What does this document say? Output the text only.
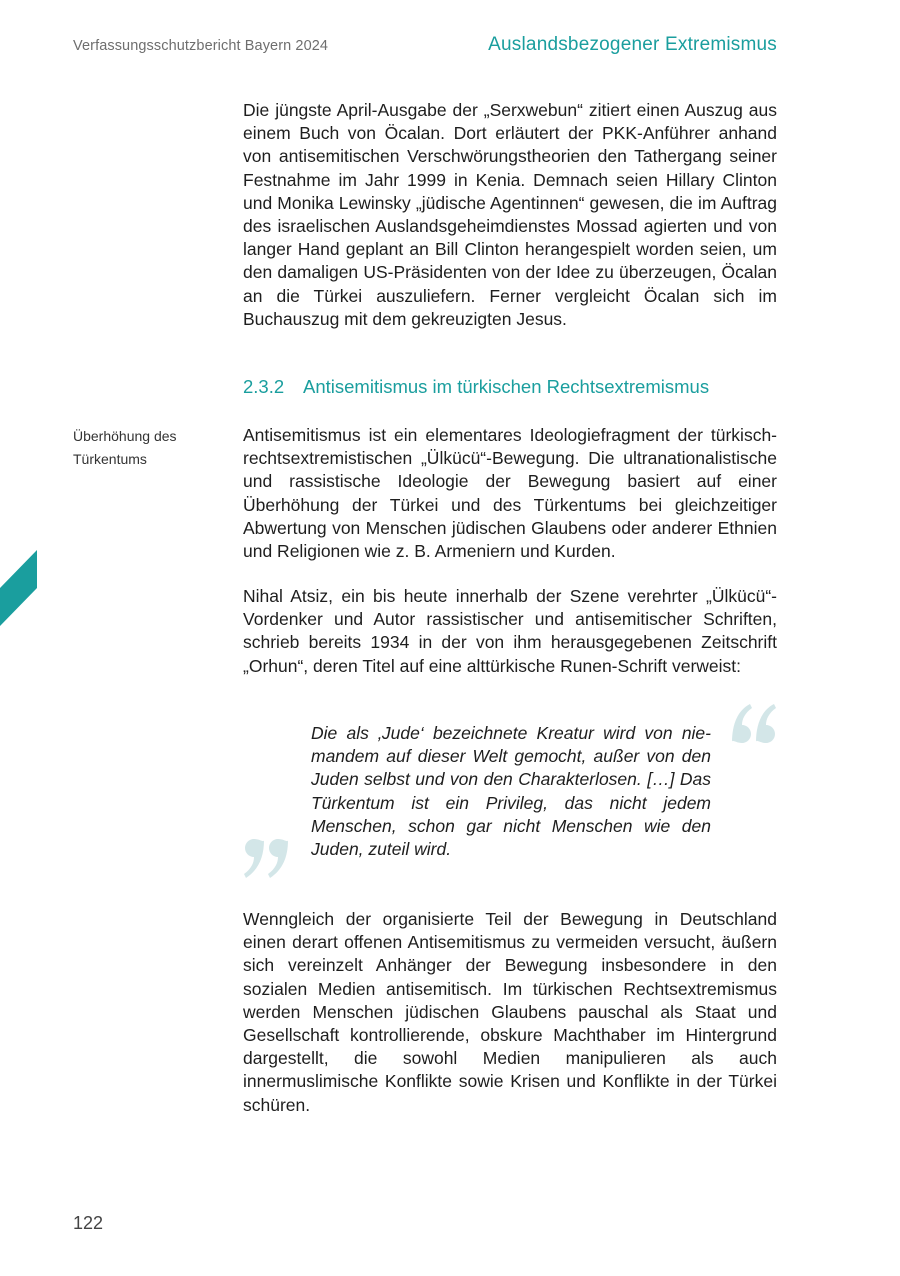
Verfassungsschutzbericht Bayern 2024	Auslandsbezogener Extremismus

Die jüngste April-Ausgabe der „Serxwebun“ zitiert einen Auszug aus einem Buch von Öcalan. Dort erläutert der PKK-Anführer anhand von antisemitischen Verschwörungstheorien den Tathergang seiner Festnahme im Jahr 1999 in Kenia. Demnach seien Hillary Clinton und Monika Lewinsky „jüdische Agentinnen“ gewesen, die im Auftrag des israelischen Auslandsgeheimdienstes Mossad agierten und von langer Hand geplant an Bill Clinton herangespielt worden seien, um den damaligen US-Präsidenten von der Idee zu überzeugen, Öcalan an die Türkei auszuliefern. Ferner vergleicht Öcalan sich im Buchauszug mit dem gekreuzigten Jesus.

2.3.2 Antisemitismus im türkischen Rechtsextremismus
Überhöhung des Türkentums

Antisemitismus ist ein elementares Ideologiefragment der türkisch-rechtsextremistischen „Ülkücü“-Bewegung. Die ultranationalistische und rassistische Ideologie der Bewegung basiert auf einer Überhöhung der Türkei und des Türkentums bei gleichzeitiger Abwertung von Menschen jüdischen Glaubens oder anderer Ethnien und Religionen wie z. B. Armeniern und Kurden.

Nihal Atsiz, ein bis heute innerhalb der Szene verehrter „Ülkücü“-Vordenker und Autor rassistischer und antisemitischer Schriften, schrieb bereits 1934 in der von ihm herausgegebenen Zeitschrift „Orhun“, deren Titel auf eine alttürkische Runen-Schrift verweist:

Die als ‚Jude‘ bezeichnete Kreatur wird von niemandem auf dieser Welt gemocht, außer von den Juden selbst und von den Charakterlosen. […] Das Türkentum ist ein Privileg, das nicht jedem Menschen, schon gar nicht Menschen wie den Juden, zuteil wird.

Wenngleich der organisierte Teil der Bewegung in Deutschland einen derart offenen Antisemitismus zu vermeiden versucht, äußern sich vereinzelt Anhänger der Bewegung insbesondere in den sozialen Medien antisemitisch. Im türkischen Rechtsextremismus werden Menschen jüdischen Glaubens pauschal als Staat und Gesellschaft kontrollierende, obskure Machthaber im Hintergrund dargestellt, die sowohl Medien manipulieren als auch innermuslimische Konflikte sowie Krisen und Konflikte in der Türkei schüren.

122
